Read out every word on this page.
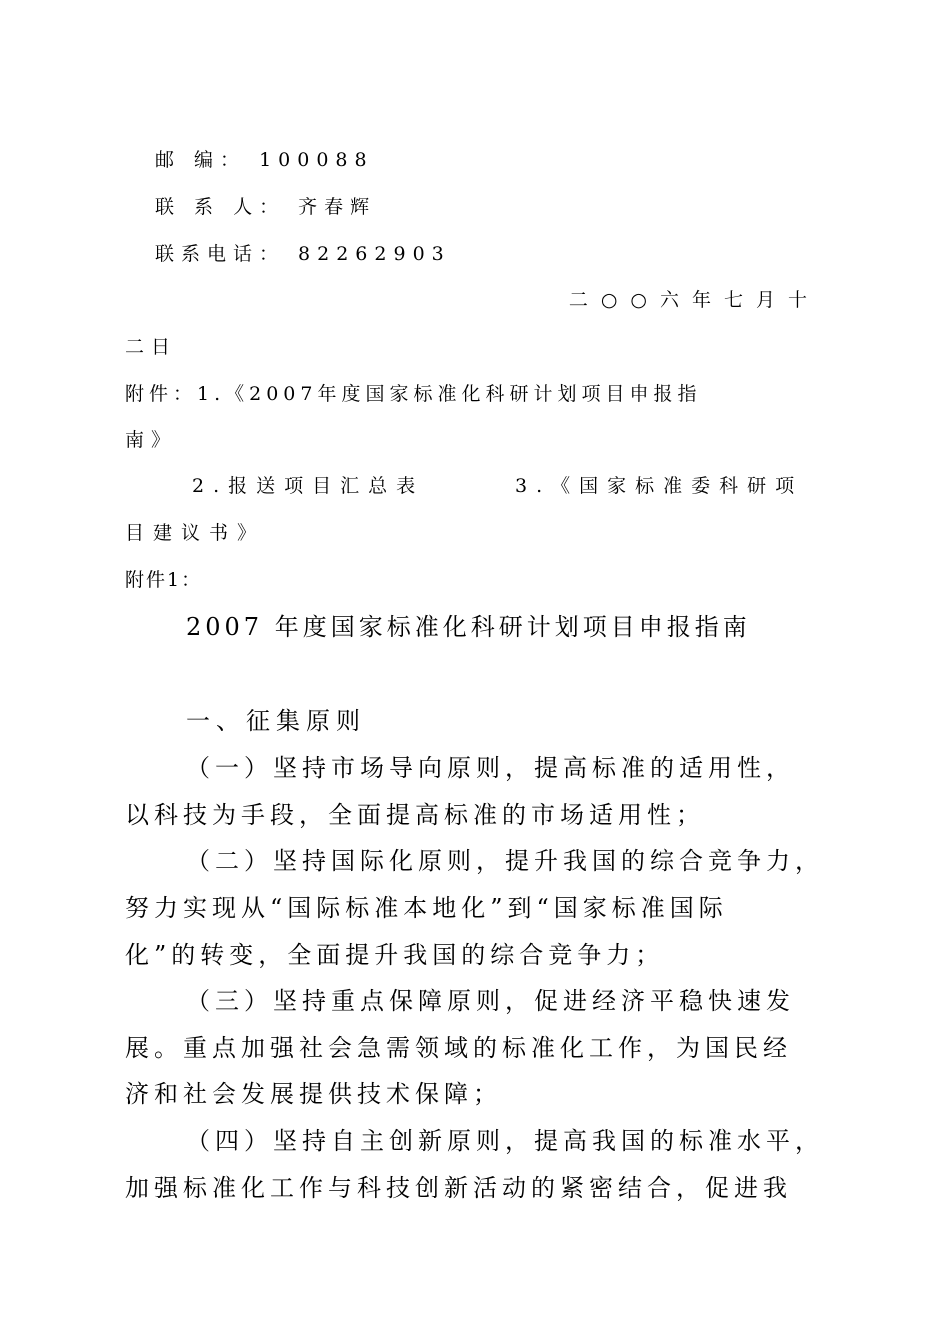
邮 编： 100088
联 系 人： 齐春辉
联系电话： 82262903
二○○六年七月十
二日
附件：1.《2007年度国家标准化科研计划项目申报指
南》
2.报送项目汇总表	3.《国家标准委科研项
目建议书》
附件1：
2007 年度国家标准化科研计划项目申报指南
一、征集原则
（一）坚持市场导向原则，提高标准的适用性，
以科技为手段，全面提高标准的市场适用性；
（二）坚持国际化原则，提升我国的综合竞争力，
努力实现从“国际标准本地化”到“国家标准国际
化”的转变，全面提升我国的综合竞争力；
（三）坚持重点保障原则，促进经济平稳快速发
展。重点加强社会急需领域的标准化工作，为国民经
济和社会发展提供技术保障；
（四）坚持自主创新原则，提高我国的标准水平，
加强标准化工作与科技创新活动的紧密结合，促进我
